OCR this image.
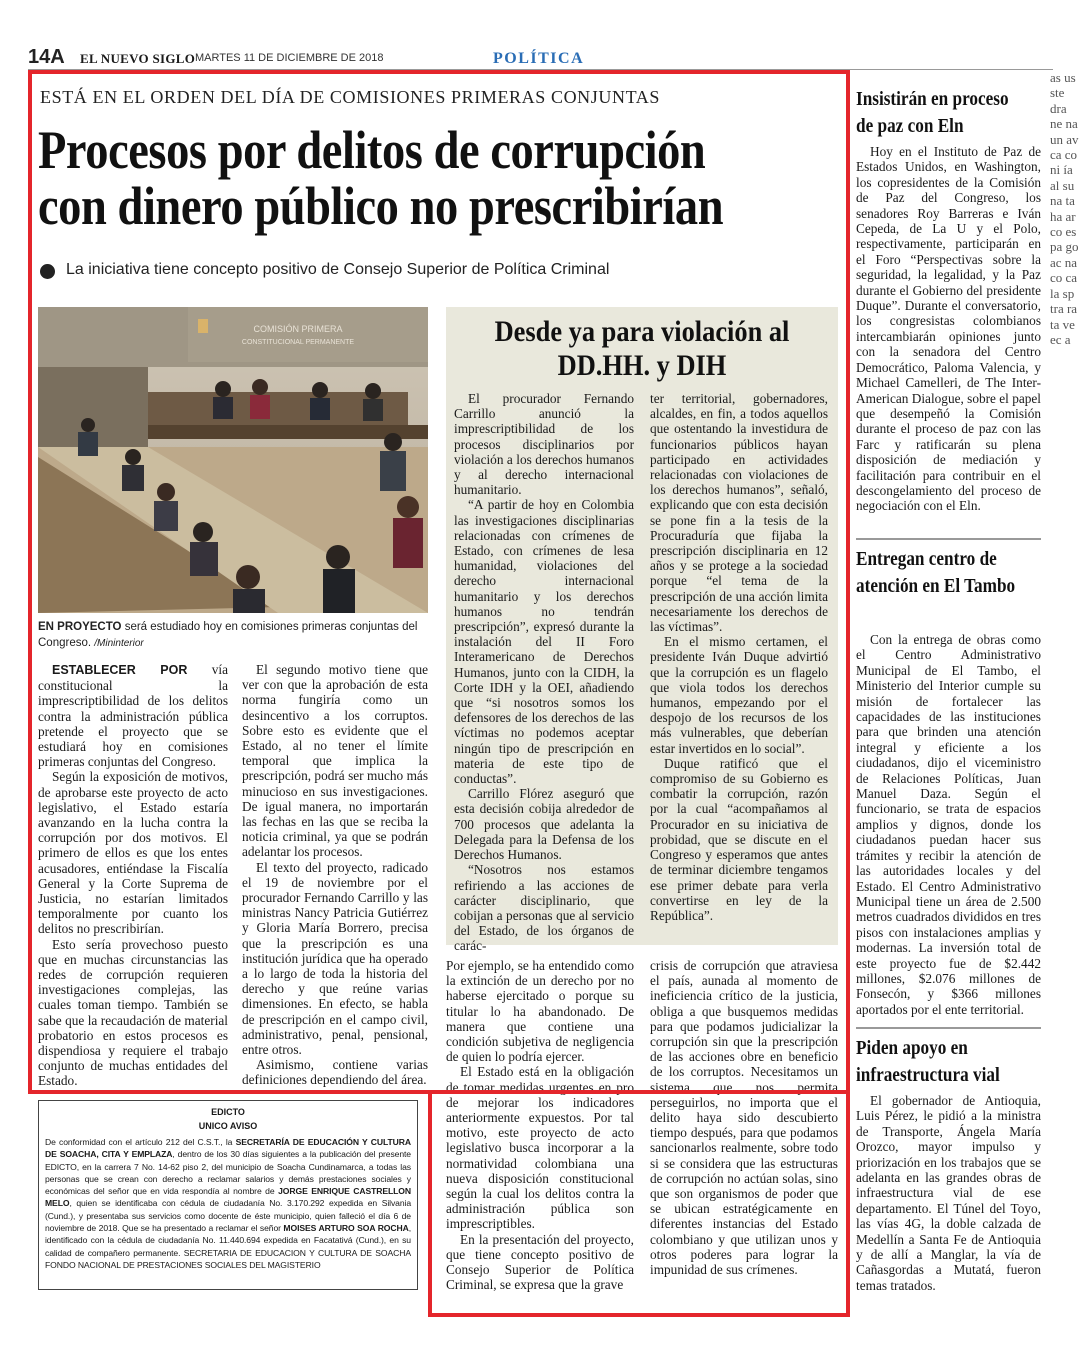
14A EL NUEVO SIGLO MARTES 11 DE DICIEMBRE DE 2018	POLÍTICA
ESTÁ EN EL ORDEN DEL DÍA DE COMISIONES PRIMERAS CONJUNTAS
Procesos por delitos de corrupción con dinero público no prescribirían
La iniciativa tiene concepto positivo de Consejo Superior de Política Criminal
COMISIÓN PRIMERA
CONSTITUCIONAL PERMANENTE
EN PROYECTO será estudiado hoy en comisiones primeras conjuntas del Congreso. /Mininterior

ESTABLECER POR vía constitucional la imprescriptibilidad de los delitos contra la administración pública pretende el proyecto que se estudiará hoy en comisiones primeras conjuntas del Congreso.

Según la exposición de motivos, de aprobarse este proyecto de acto legislativo, el Estado estaría avanzando en la lucha contra la corrupción por dos motivos. El primero de ellos es que los entes acusadores, entiéndase la Fiscalía General y la Corte Suprema de Justicia, no estarían limitados temporalmente por cuanto los delitos no prescribirían.

Esto sería provechoso puesto que en muchas circunstancias las redes de corrupción requieren investigaciones complejas, las cuales toman tiempo. También se sabe que la recaudación de material probatorio en estos procesos es dispendiosa y requiere el trabajo conjunto de muchas entidades del Estado.

El segundo motivo tiene que ver con que la aprobación de esta norma fungiría como un desincentivo a los corruptos. Sobre esto es evidente que el Estado, al no tener el límite temporal que implica la prescripción, podrá ser mucho más minucioso en sus investigaciones. De igual manera, no importarán las fechas en las que se reciba la noticia criminal, ya que se podrán adelantar los procesos.

El texto del proyecto, radicado el 19 de noviembre por el procurador Fernando Carrillo y las ministras Nancy Patricia Gutiérrez y Gloria María Borrero, precisa que la prescripción es una institución jurídica que ha operado a lo largo de toda la historia del derecho y que reúne varias dimensiones. En efecto, se habla de prescripción en el campo civil, administrativo, penal, pensional, entre otros.

Asimismo, contiene varias definiciones dependiendo del área.

Desde ya para violación al DD.HH. y DIH

El procurador Fernando Carrillo anunció la imprescriptibilidad de los procesos disciplinarios por violación a los derechos humanos y al derecho internacional humanitario.

“A partir de hoy en Colombia las investigaciones disciplinarias relacionadas con crímenes de Estado, con crímenes de lesa humanidad, violaciones del derecho internacional humanitario y los derechos humanos no tendrán prescripción”, expresó durante la instalación del II Foro Interamericano de Derechos Humanos, junto con la CIDH, la Corte IDH y la OEI, añadiendo que “si nosotros somos los defensores de los derechos de las víctimas no podemos aceptar ningún tipo de prescripción en materia de este tipo de conductas”.

Carrillo Flórez aseguró que esta decisión cobija alrededor de 700 procesos que adelanta la Delegada para la Defensa de los Derechos Humanos.

“Nosotros nos estamos refiriendo a las acciones de carácter disciplinario, que cobijan a personas que al servicio del Estado, de los órganos de carác-

ter territorial, gobernadores, alcaldes, en fin, a todos aquellos que ostentando la investidura de funcionarios públicos hayan participado en actividades relacionadas con violaciones de los derechos humanos”, señaló, explicando que con esta decisión se pone fin a la tesis de la Procuraduría que fijaba la prescripción disciplinaria en 12 años y se protege a la sociedad porque “el tema de la prescripción de una acción limita necesariamente los derechos de las víctimas”.

En el mismo certamen, el presidente Iván Duque advirtió que la corrupción es un flagelo que viola todos los derechos humanos, empezando por el despojo de los recursos de los más vulnerables, que deberían estar invertidos en lo social”.

Duque ratificó que el compromiso de su Gobierno es combatir la corrupción, razón por la cual “acompañamos al Procurador en su iniciativa de probidad, que se discute en el Congreso y esperamos que antes de terminar diciembre tengamos ese primer debate para verla convertirse en ley de la República”.

Por ejemplo, se ha entendido como la extinción de un derecho por no haberse ejercitado o porque su titular lo ha abandonado. De manera que contiene una condición subjetiva de negligencia de quien lo podría ejercer.

El Estado está en la obligación de tomar medidas urgentes en pro de mejorar los indicadores anteriormente expuestos. Por tal motivo, este proyecto de acto legislativo busca incorporar a la normatividad colombiana una nueva disposición constitucional según la cual los delitos contra la administración pública son imprescriptibles.

En la presentación del proyecto, que tiene concepto positivo de Consejo Superior de Política Criminal, se expresa que la grave

crisis de corrupción que atraviesa el país, aunada al momento de ineficiencia crítico de la justicia, obliga a que busquemos medidas para que podamos judicializar la corrupción sin que la prescripción de las acciones obre en beneficio de los corruptos. Necesitamos un sistema que nos permita perseguirlos, no importa que el delito haya sido descubierto tiempo después, para que podamos sancionarlos realmente, sobre todo si se considera que las estructuras de corrupción no actúan solas, sino que son organismos de poder que se ubican estratégicamente en diferentes instancias del Estado colombiano y que utilizan unos y otros poderes para lograr la impunidad de sus crímenes.

EDICTO
UNICO AVISO
De conformidad con el artículo 212 del C.S.T., la SECRETARÍA DE EDUCACIÓN Y CULTURA DE SOACHA, CITA Y EMPLAZA, dentro de los 30 días siguientes a la publicación del presente EDICTO, en la carrera 7 No. 14-62 piso 2, del municipio de Soacha Cundinamarca, a todas las personas que se crean con derecho a reclamar salarios y demás prestaciones sociales y económicas del señor que en vida respondía al nombre de JORGE ENRIQUE CASTRELLON MELO, quien se identificaba con cédula de ciudadanía No. 3.170.292 expedida en Silvania (Cund.), y presentaba sus servicios como docente de éste municipio, quien falleció el día 6 de noviembre de 2018. Que se ha presentado a reclamar el señor MOISES ARTURO SOA ROCHA, identificado con la cédula de ciudadanía No. 11.440.694 expedida en Facatativá (Cund.), en su calidad de compañero permanente. SECRETARIA DE EDUCACION Y CULTURA DE SOACHA FONDO NACIONAL DE PRESTACIONES SOCIALES DEL MAGISTERIO
Insistirán en proceso de paz con Eln

Hoy en el Instituto de Paz de Estados Unidos, en Washington, los copresidentes de la Comisión de Paz del Congreso, los senadores Roy Barreras e Iván Cepeda, de La U y el Polo, respectivamente, participarán en el Foro “Perspectivas sobre la seguridad, la legalidad, y la Paz durante el Gobierno del presidente Duque”. Durante el conversatorio, los congresistas colombianos intercambiarán opiniones junto con la senadora del Centro Democrático, Paloma Valencia, y Michael Camelleri, de The Inter-American Dialogue, sobre el papel que desempeñó la Comisión durante el proceso de paz con las Farc y ratificarán su plena disposición de mediación y facilitación para contribuir en el descongelamiento del proceso de negociación con el Eln.

Entregan centro de atención en El Tambo

Con la entrega de obras como el Centro Administrativo Municipal de El Tambo, el Ministerio del Interior cumple su misión de fortalecer las capacidades de las instituciones para que brinden una atención integral y eficiente a los ciudadanos, dijo el viceministro de Relaciones Políticas, Juan Manuel Daza. Según el funcionario, se trata de espacios amplios y dignos, donde los ciudadanos puedan hacer sus trámites y recibir la atención de las autoridades locales y del Estado. El Centro Administrativo Municipal tiene un área de 2.500 metros cuadrados divididos en tres pisos con instalaciones amplias y modernas. La inversión total de este proyecto fue de $2.442 millones, $2.076 millones de Fonsecón, y $366 millones aportados por el ente territorial.

Piden apoyo en infraestructura vial

El gobernador de Antioquia, Luis Pérez, le pidió a la ministra de Transporte, Ángela María Orozco, mayor impulso y priorización en los trabajos que se adelanta en las grandes obras de infraestructura vial de ese departamento. El Túnel del Toyo, las vías 4G, la doble calzada de Medellín a Santa Fe de Antioquia y de allí a Manglar, la vía de Cañasgordas a Mutatá, fueron temas tratados.

as us ste dra ne na un av ca co ni ía al su na ta ha ar co es pa go ac na co ca la sp tra ra ta ve ec a
